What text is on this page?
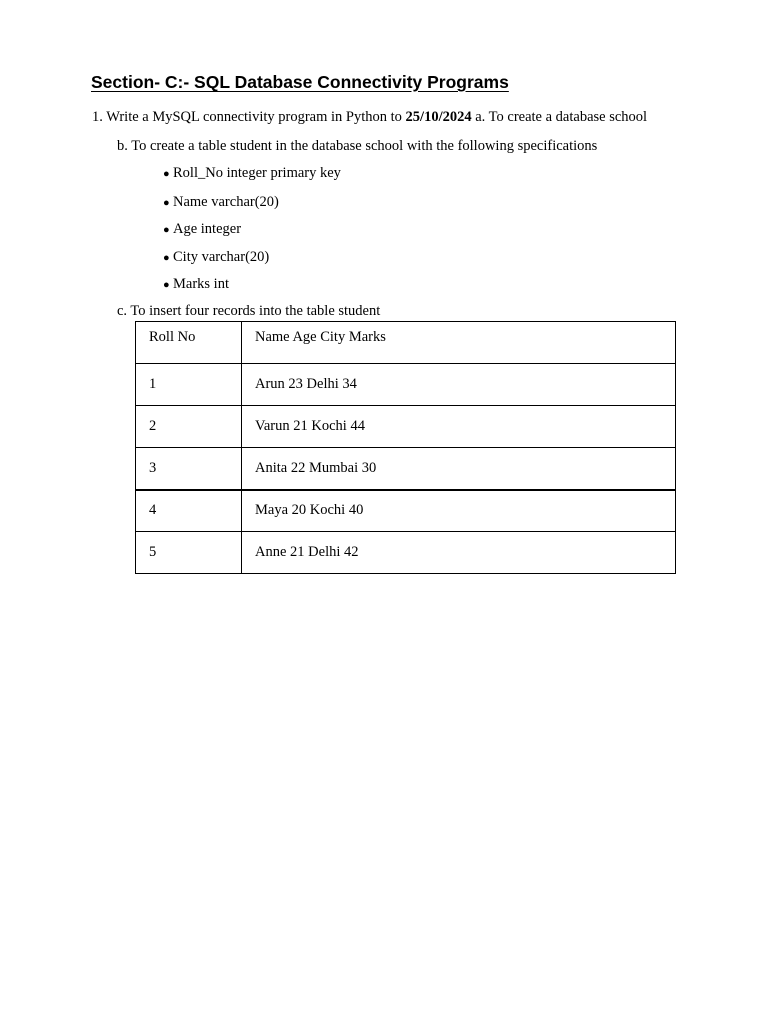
Section- C:- SQL Database Connectivity Programs
1. Write a MySQL connectivity program in Python to 25/10/2024 a. To create a database school
b. To create a table student in the database school with the following specifications
● Roll_No integer primary key
● Name varchar(20)
● Age integer
● City varchar(20)
● Marks int
c. To insert four records into the table student
Roll No	Name Age City Marks
1	Arun 23 Delhi 34
2	Varun 21 Kochi 44
3	Anita 22 Mumbai 30
4	Maya 20 Kochi 40
5	Anne 21 Delhi 42
